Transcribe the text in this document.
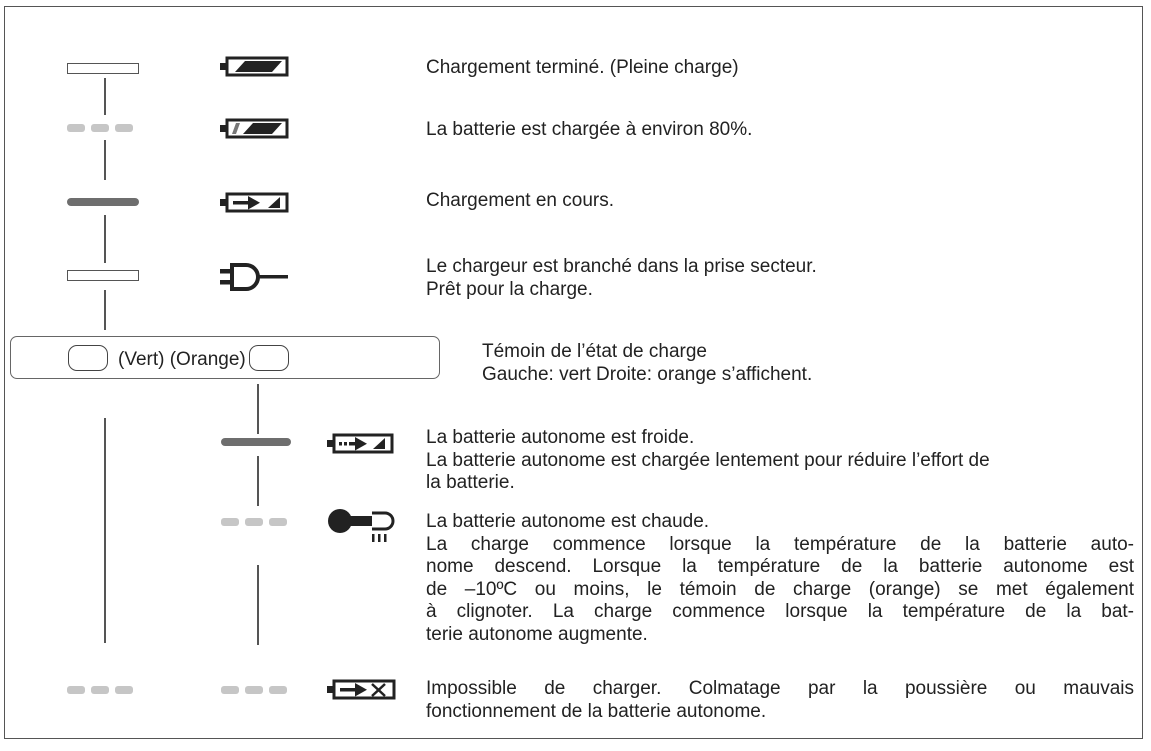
Chargement terminé. (Pleine charge)
La batterie est chargée à environ 80%.
Chargement en cours.
Le chargeur est branché dans la prise secteur.
Prêt pour la charge.
(Vert) (Orange)	Témoin de l’état de charge
Gauche: vert Droite: orange s’affichent.
La batterie autonome est froide.
La batterie autonome est chargée lentement pour réduire l’effort de
la batterie.
La batterie autonome est chaude.
La charge commence lorsque la température de la batterie auto-
nome descend. Lorsque la température de la batterie autonome est
de –10ºC ou moins, le témoin de charge (orange) se met également
à clignoter. La charge commence lorsque la température de la bat-
terie autonome augmente.
Impossible de charger. Colmatage par la poussière ou mauvais
fonctionnement de la batterie autonome.
